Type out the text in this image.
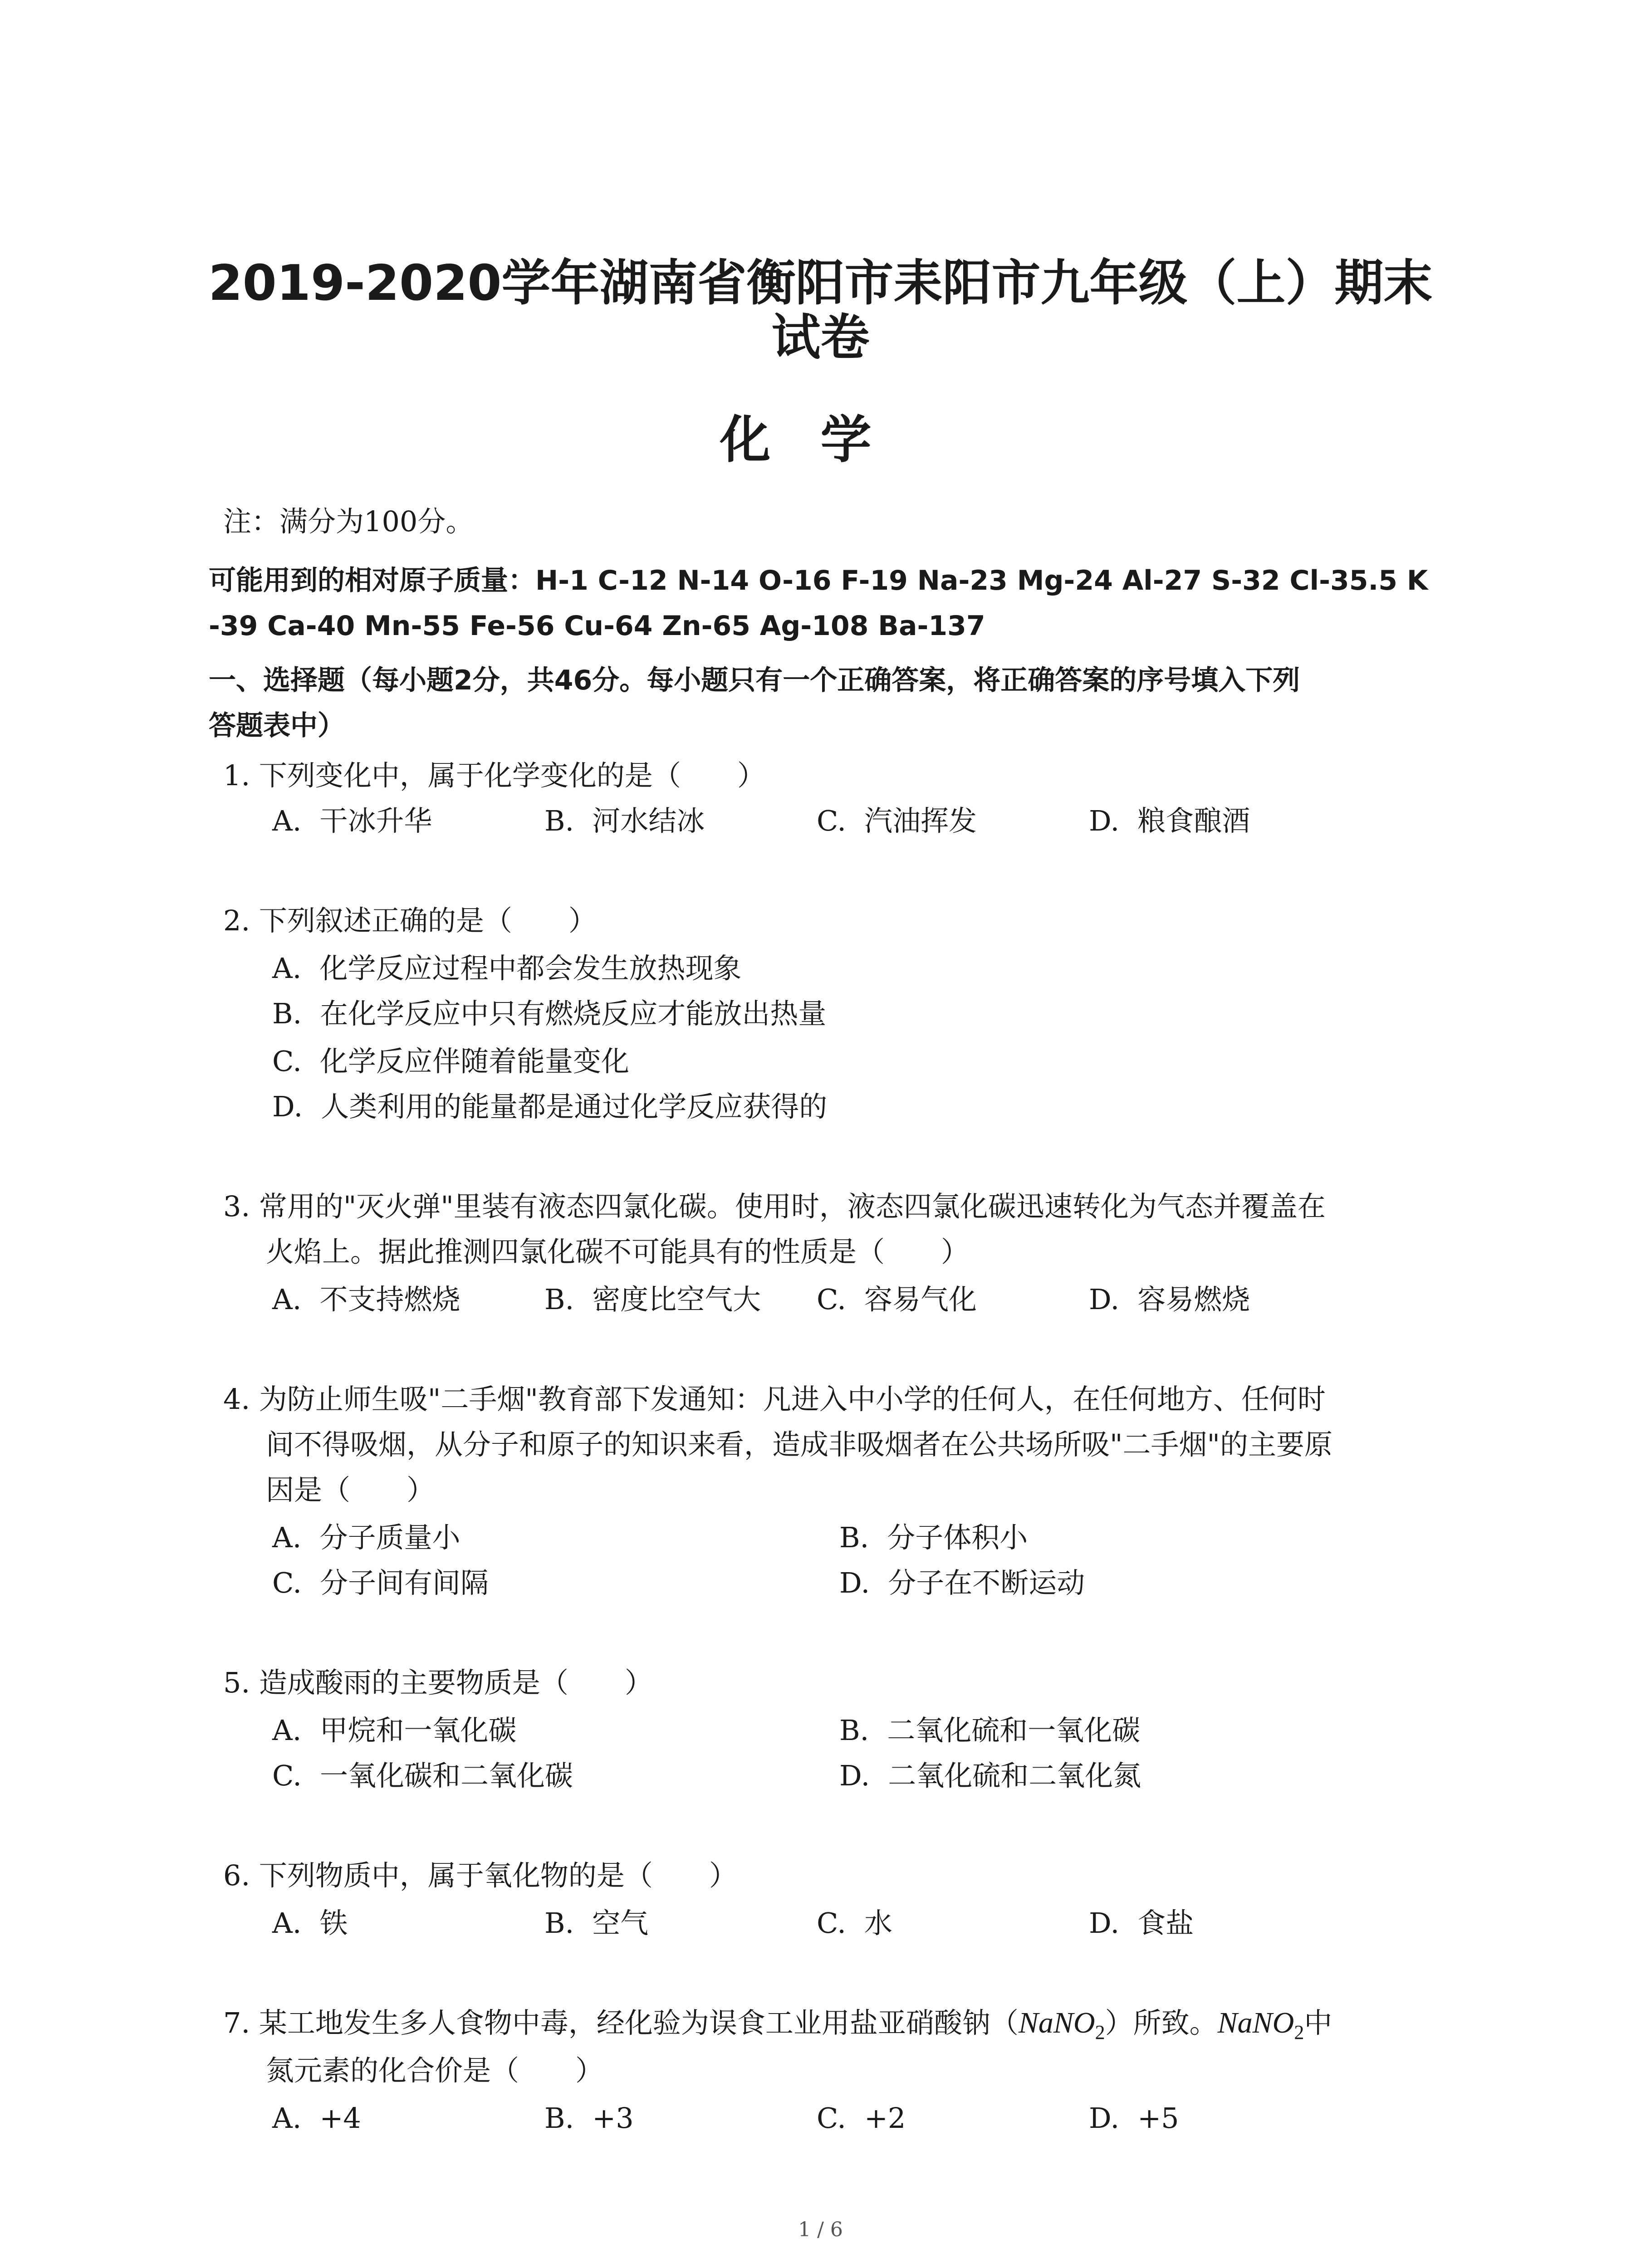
2019-2020学年湖南省衡阳市耒阳市九年级（上）期末
试卷
化学
注：满分为100分。
可能用到的相对原子质量：H-1 C-12 N-14 O-16 F-19 Na-23 Mg-24 Al-27 S-32 Cl-35.5 K
-39 Ca-40 Mn-55 Fe-56 Cu-64 Zn-65 Ag-108 Ba-137
一、选择题（每小题2分，共46分。每小题只有一个正确答案，将正确答案的序号填入下列
答题表中）
1. 下列变化中，属于化学变化的是（　　）
A. 干冰升华	B. 河水结冰	C. 汽油挥发	D. 粮食酿酒
2. 下列叙述正确的是（　　）
A. 化学反应过程中都会发生放热现象
B. 在化学反应中只有燃烧反应才能放出热量
C. 化学反应伴随着能量变化
D. 人类利用的能量都是通过化学反应获得的
3. 常用的"灭火弹"里装有液态四氯化碳。使用时，液态四氯化碳迅速转化为气态并覆盖在
火焰上。据此推测四氯化碳不可能具有的性质是（　　）
A. 不支持燃烧	B. 密度比空气大 C. 容易气化	D. 容易燃烧
4. 为防止师生吸"二手烟"教育部下发通知：凡进入中小学的任何人，在任何地方、任何时
间不得吸烟，从分子和原子的知识来看，造成非吸烟者在公共场所吸"二手烟"的主要原
因是（　　）
A. 分子质量小	B. 分子体积小
C. 分子间有间隔	D. 分子在不断运动
5. 造成酸雨的主要物质是（　　）
A. 甲烷和一氧化碳	B. 二氧化硫和一氧化碳
C. 一氧化碳和二氧化碳	D. 二氧化硫和二氧化氮
6. 下列物质中，属于氧化物的是（　　）
A. 铁	B. 空气	C. 水	D. 食盐
7. 某工地发生多人食物中毒，经化验为误食工业用盐亚硝酸钠（NaNO$_2$）所致。NaNO$_2$中
氮元素的化合价是（　　）
A. +4	B. +3	C. +2	D. +5
1 / 6
